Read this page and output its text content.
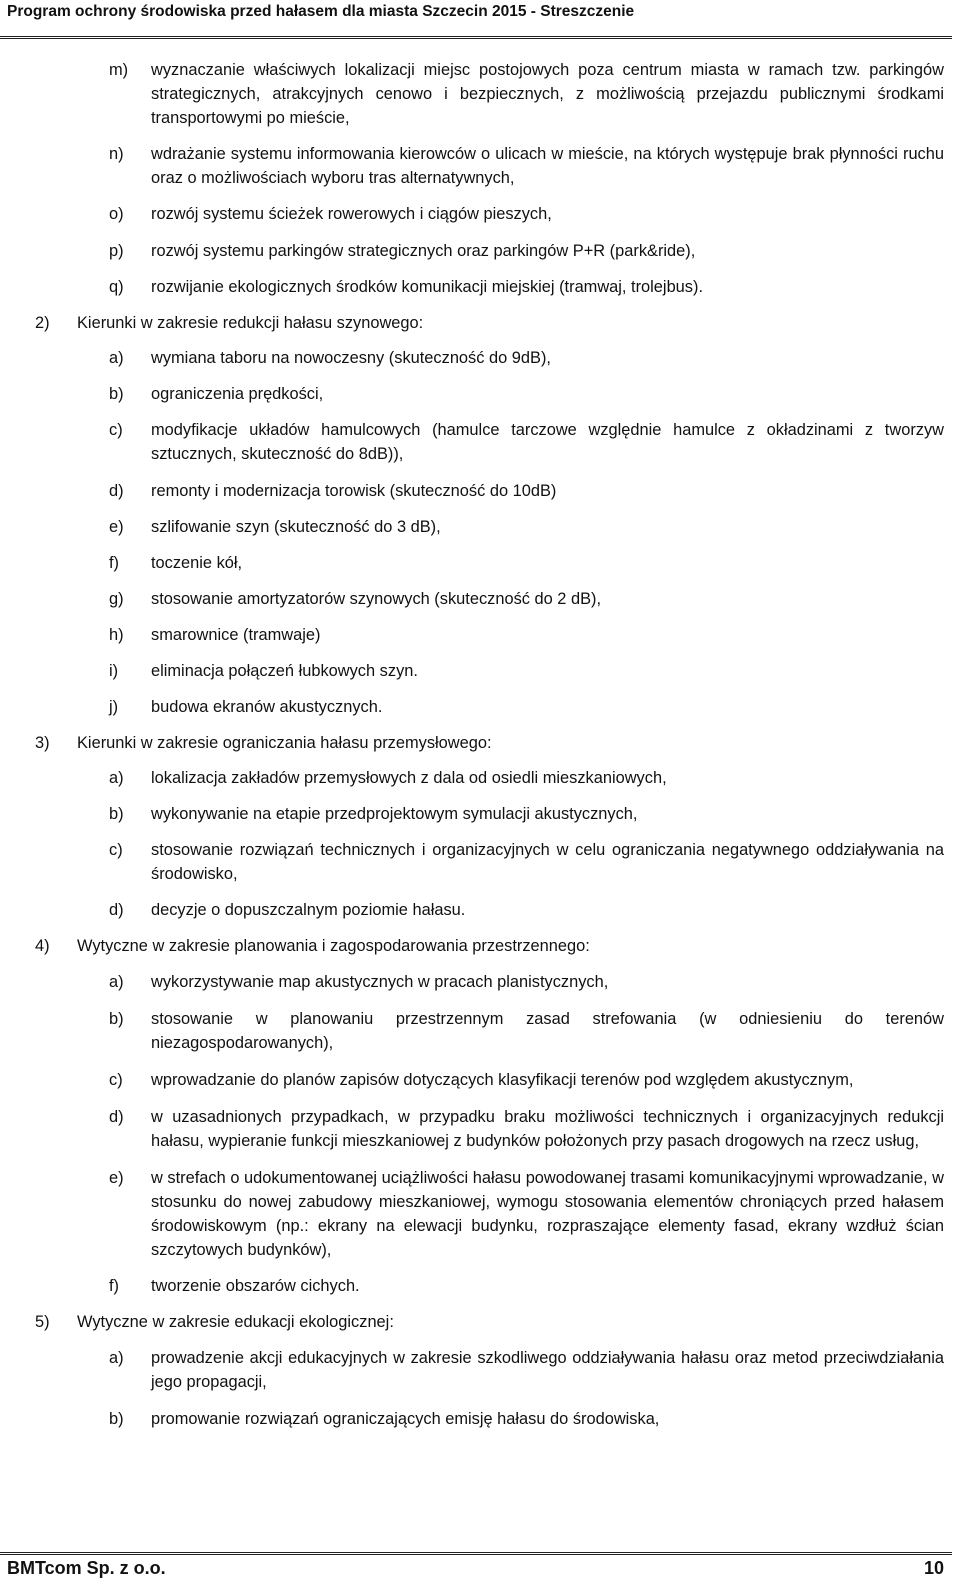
Program ochrony środowiska przed hałasem dla miasta Szczecin 2015 - Streszczenie
m)	wyznaczanie właściwych lokalizacji miejsc postojowych poza centrum miasta w ramach tzw. parkingów strategicznych, atrakcyjnych cenowo i bezpiecznych, z możliwością przejazdu publicznymi środkami transportowymi po mieście,
n)	wdrażanie systemu informowania kierowców o ulicach w mieście, na których występuje brak płynności ruchu oraz o możliwościach wyboru tras alternatywnych,
o)	rozwój systemu ścieżek rowerowych i ciągów pieszych,
p)	rozwój systemu parkingów strategicznych oraz parkingów P+R (park&ride),
q)	rozwijanie ekologicznych środków komunikacji miejskiej (tramwaj, trolejbus).
2)	Kierunki w zakresie redukcji hałasu szynowego:
a)	wymiana taboru na nowoczesny (skuteczność do 9dB),
b)	ograniczenia prędkości,
c)	modyfikacje układów hamulcowych (hamulce tarczowe względnie hamulce z okładzinami z tworzyw sztucznych, skuteczność do 8dB)),
d)	remonty i modernizacja torowisk (skuteczność do 10dB)
e)	szlifowanie szyn (skuteczność do 3 dB),
f)	toczenie kół,
g)	stosowanie amortyzatorów szynowych (skuteczność do 2 dB),
h)	smarownice (tramwaje)
i)	eliminacja połączeń łubkowych szyn.
j)	budowa ekranów akustycznych.
3)	Kierunki w zakresie ograniczania hałasu przemysłowego:
a)	lokalizacja zakładów przemysłowych z dala od osiedli mieszkaniowych,
b)	wykonywanie na etapie przedprojektowym symulacji akustycznych,
c)	stosowanie rozwiązań technicznych i organizacyjnych w celu ograniczania negatywnego oddziaływania na środowisko,
d)	decyzje o dopuszczalnym poziomie hałasu.
4)	Wytyczne w zakresie planowania i zagospodarowania przestrzennego:
a)	wykorzystywanie map akustycznych w pracach planistycznych,
b)	stosowanie w planowaniu przestrzennym zasad strefowania (w odniesieniu do terenów niezagospodarowanych),
c)	wprowadzanie do planów zapisów dotyczących klasyfikacji terenów pod względem akustycznym,
d)	w uzasadnionych przypadkach, w przypadku braku możliwości technicznych i organizacyjnych redukcji hałasu, wypieranie funkcji mieszkaniowej z budynków położonych przy pasach drogowych na rzecz usług,
e)	w strefach o udokumentowanej uciążliwości hałasu powodowanej trasami komunikacyjnymi wprowadzanie, w stosunku do nowej zabudowy mieszkaniowej, wymogu stosowania elementów chroniących przed hałasem środowiskowym (np.: ekrany na elewacji budynku, rozpraszające elementy fasad, ekrany wzdłuż ścian szczytowych budynków),
f)	tworzenie obszarów cichych.
5)	Wytyczne w zakresie edukacji ekologicznej:
a)	prowadzenie akcji edukacyjnych w zakresie szkodliwego oddziaływania hałasu oraz metod przeciwdziałania jego propagacji,
b)	promowanie rozwiązań ograniczających emisję hałasu do środowiska,
BMTcom Sp. z o.o.	10
